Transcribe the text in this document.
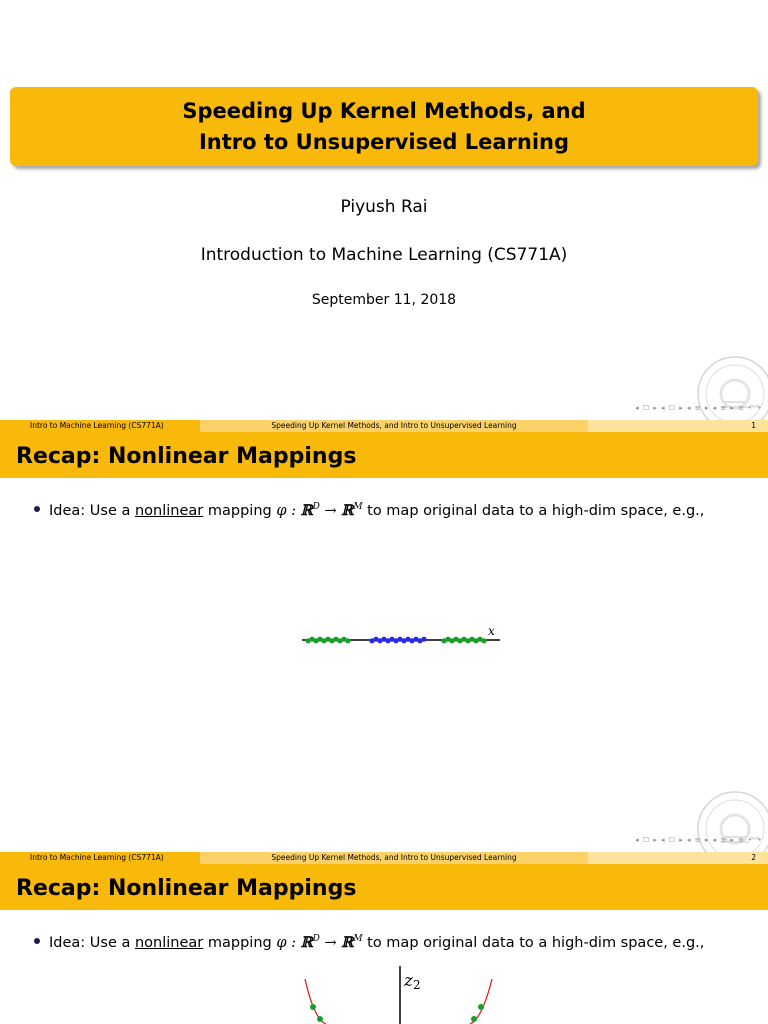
Speeding Up Kernel Methods, and
Intro to Unsupervised Learning
Piyush Rai
Introduction to Machine Learning (CS771A)
September 11, 2018
◂ ☐ ▸ ◂ ☐ ▸ ◂ ≡ ▸ ◂ ≡ ▸ ≡ ↶↷
Intro to Machine Learning (CS771A)	Speeding Up Kernel Methods, and Intro to Unsupervised Learning	1
Recap: Nonlinear Mappings
Idea: Use a nonlinear mapping φ : ℝ$^D$ → ℝ$^M$ to map original data to a high-dim space, e.g.,
x
◂ ☐ ▸ ◂ ☐ ▸ ◂ ≡ ▸ ◂ ≡ ▸ ≡ ↶↷
Intro to Machine Learning (CS771A)	Speeding Up Kernel Methods, and Intro to Unsupervised Learning	2
Recap: Nonlinear Mappings
Idea: Use a nonlinear mapping φ : ℝ$^D$ → ℝ$^M$ to map original data to a high-dim space, e.g.,
z2
